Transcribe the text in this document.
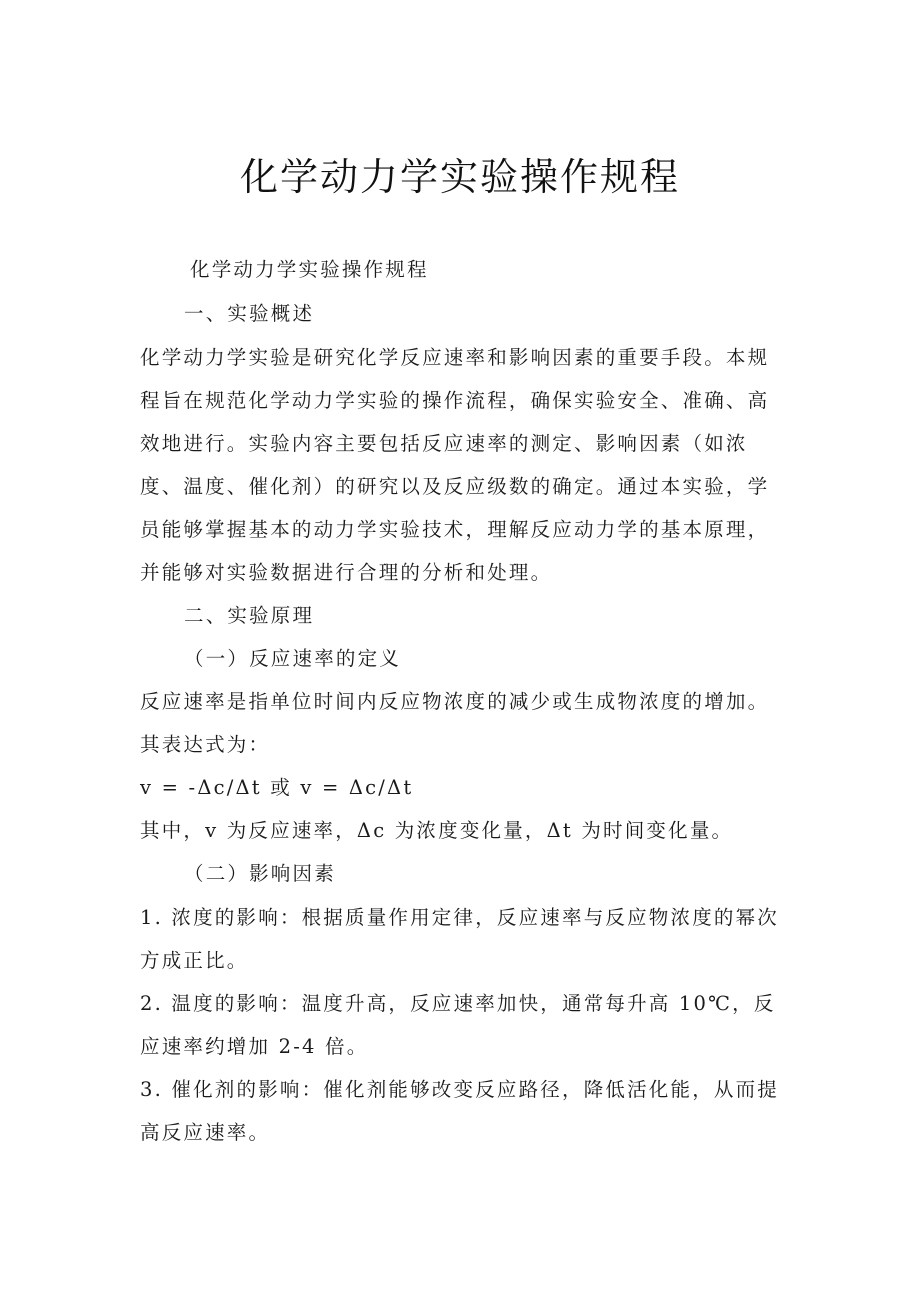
化学动力学实验操作规程
化学动力学实验操作规程
一、实验概述
化学动力学实验是研究化学反应速率和影响因素的重要手段。本规
程旨在规范化学动力学实验的操作流程，确保实验安全、准确、高
效地进行。实验内容主要包括反应速率的测定、影响因素（如浓
度、温度、催化剂）的研究以及反应级数的确定。通过本实验，学
员能够掌握基本的动力学实验技术，理解反应动力学的基本原理，
并能够对实验数据进行合理的分析和处理。
二、实验原理
（一）反应速率的定义
反应速率是指单位时间内反应物浓度的减少或生成物浓度的增加。
其表达式为：
v = -Δc/Δt 或 v = Δc/Δt
其中，v 为反应速率，Δc 为浓度变化量，Δt 为时间变化量。
（二）影响因素
1. 浓度的影响：根据质量作用定律，反应速率与反应物浓度的幂次
方成正比。
2. 温度的影响：温度升高，反应速率加快，通常每升高 10℃，反
应速率约增加 2-4 倍。
3. 催化剂的影响：催化剂能够改变反应路径，降低活化能，从而提
高反应速率。
